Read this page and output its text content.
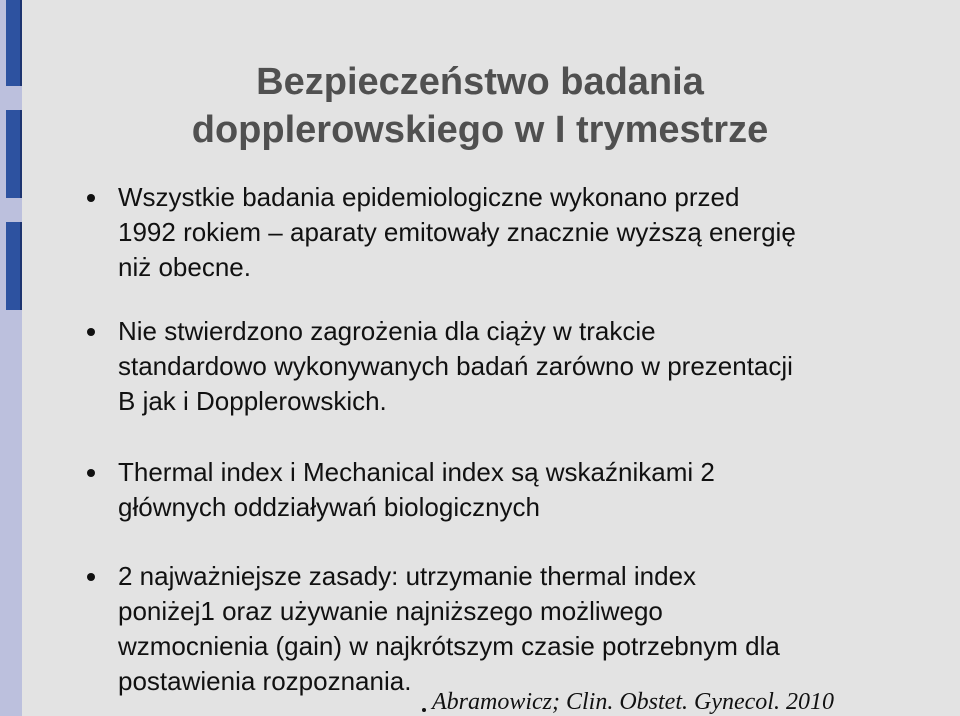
Bezpieczeństwo badania
dopplerowskiego w I trymestrze
Wszystkie badania epidemiologiczne wykonano przed
1992 rokiem – aparaty emitowały znacznie wyższą energię
niż obecne.
Nie stwierdzono zagrożenia dla ciąży w trakcie
standardowo wykonywanych badań zarówno w prezentacji
B jak i Dopplerowskich.
Thermal index i Mechanical index są wskaźnikami 2
głównych oddziaływań biologicznych
2 najważniejsze zasady: utrzymanie thermal index
poniżej1 oraz używanie najniższego możliwego
wzmocnienia (gain) w najkrótszym czasie potrzebnym dla
postawienia rozpoznania.
Abramowicz; Clin. Obstet. Gynecol. 2010
